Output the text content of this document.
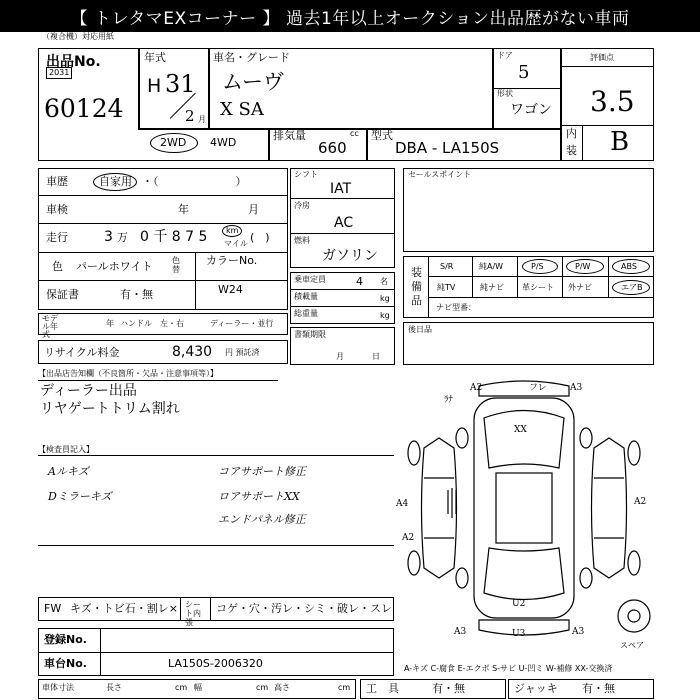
【 トレタマEXコーナー 】 過去1年以上オークション出品歴がない車両
（複合機）対応用紙
出品No.
2031
60124
年式
H 31
2 月
車名・グレード
ムーヴ
X SA
ドア
5
形状
ワゴン
評価点
3.5
内
装 B
2WD 4WD
排気量	cc
660
型式
DBA - LA150S
車歴	自家用 ・（　　　　　　　）
車検	年	月
走行	3 万 0 千 8 7 5 km
マイル (　)
色 パールホワイト 色替
カラーNo.
W24
保証書	有・無
モデル年式
年 ハンドル　左・右	ディーラー・並行
リサイクル料金	8,430 円 預託済
シフト
IAT
冷房
AC
燃料
ガソリン
乗車定員	4 名
積載量	kg
総重量	kg
書類期限
月	日
セールスポイント
装備品
S/R	純A/W	P/S	P/W	ABS
純TV	純ナビ 革シート 外ナビ	エアB
ナビ型番：
後日品
【出品店告知欄（不良箇所・欠品・注意事項等）】
ディーラー出品
リヤゲートトリム割れ
【検査員記入】
Aルキズ
Dミラーキズ
コアサポート修正
ロアサポートXX
エンドパネル修正
A2	フレ	A3
ﾗﾅ
XX
A4
A2
A2
U2
A3	U3	A3
スペア
FW キズ・トビ石・割レ× シート内張
コゲ・穴・汚レ・シミ・破レ・スレ
登録No.
車台No.	LA150S-2006320	A-キズ C-腐食 E-エクボ S-サビ U-凹ミ W-補修 XX-交換済
車体寸法	長さ	cm 幅	cm 高さ	cm 工　具	有・無	ジャッキ 有・無
